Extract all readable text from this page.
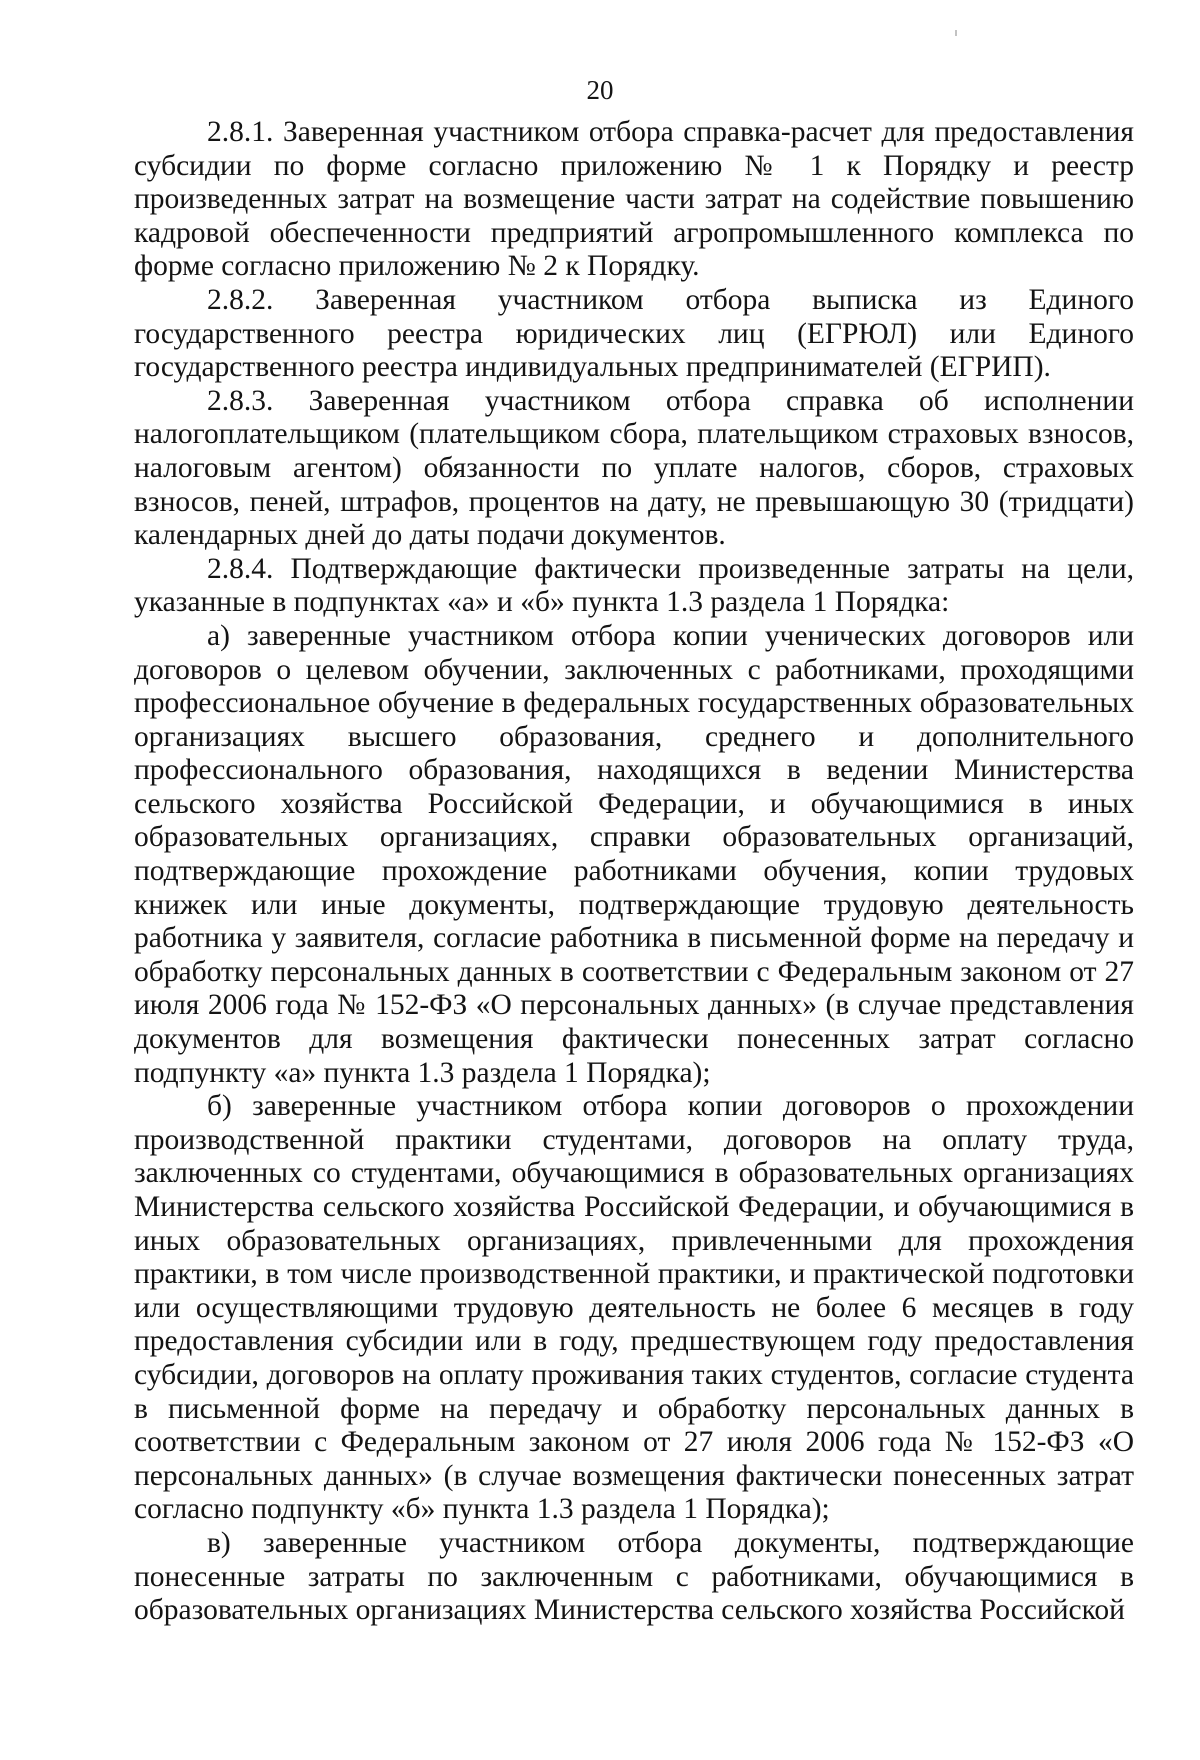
20

2.8.1. Заверенная участником отбора справка-расчет для предоставления субсидии по форме согласно приложению № 1 к Порядку и реестр произведенных затрат на возмещение части затрат на содействие повышению кадровой обеспеченности предприятий агропромышленного комплекса по форме согласно приложению № 2 к Порядку.

2.8.2. Заверенная участником отбора выписка из Единого государственного реестра юридических лиц (ЕГРЮЛ) или Единого государственного реестра индивидуальных предпринимателей (ЕГРИП).

2.8.3. Заверенная участником отбора справка об исполнении налогоплательщиком (плательщиком сбора, плательщиком страховых взносов, налоговым агентом) обязанности по уплате налогов, сборов, страховых взносов, пеней, штрафов, процентов на дату, не превышающую 30 (тридцати) календарных дней до даты подачи документов.

2.8.4. Подтверждающие фактически произведенные затраты на цели, указанные в подпунктах «а» и «б» пункта 1.3 раздела 1 Порядка:

а) заверенные участником отбора копии ученических договоров или договоров о целевом обучении, заключенных с работниками, проходящими профессиональное обучение в федеральных государственных образовательных организациях высшего образования, среднего и дополнительного профессионального образования, находящихся в ведении Министерства сельского хозяйства Российской Федерации, и обучающимися в иных образовательных организациях, справки образовательных организаций, подтверждающие прохождение работниками обучения, копии трудовых книжек или иные документы, подтверждающие трудовую деятельность работника у заявителя, согласие работника в письменной форме на передачу и обработку персональных данных в соответствии с Федеральным законом от 27 июля 2006 года № 152-ФЗ «О персональных данных» (в случае представления документов для возмещения фактически понесенных затрат согласно подпункту «а» пункта 1.3 раздела 1 Порядка);

б) заверенные участником отбора копии договоров о прохождении производственной практики студентами, договоров на оплату труда, заключенных со студентами, обучающимися в образовательных организациях Министерства сельского хозяйства Российской Федерации, и обучающимися в иных образовательных организациях, привлеченными для прохождения практики, в том числе производственной практики, и практической подготовки или осуществляющими трудовую деятельность не более 6 месяцев в году предоставления субсидии или в году, предшествующем году предоставления субсидии, договоров на оплату проживания таких студентов, согласие студента в письменной форме на передачу и обработку персональных данных в соответствии с Федеральным законом от 27 июля 2006 года № 152-ФЗ «О персональных данных» (в случае возмещения фактически понесенных затрат согласно подпункту «б» пункта 1.3 раздела 1 Порядка);

в) заверенные участником отбора документы, подтверждающие понесенные затраты по заключенным с работниками, обучающимися в образовательных организациях Министерства сельского хозяйства Российской
